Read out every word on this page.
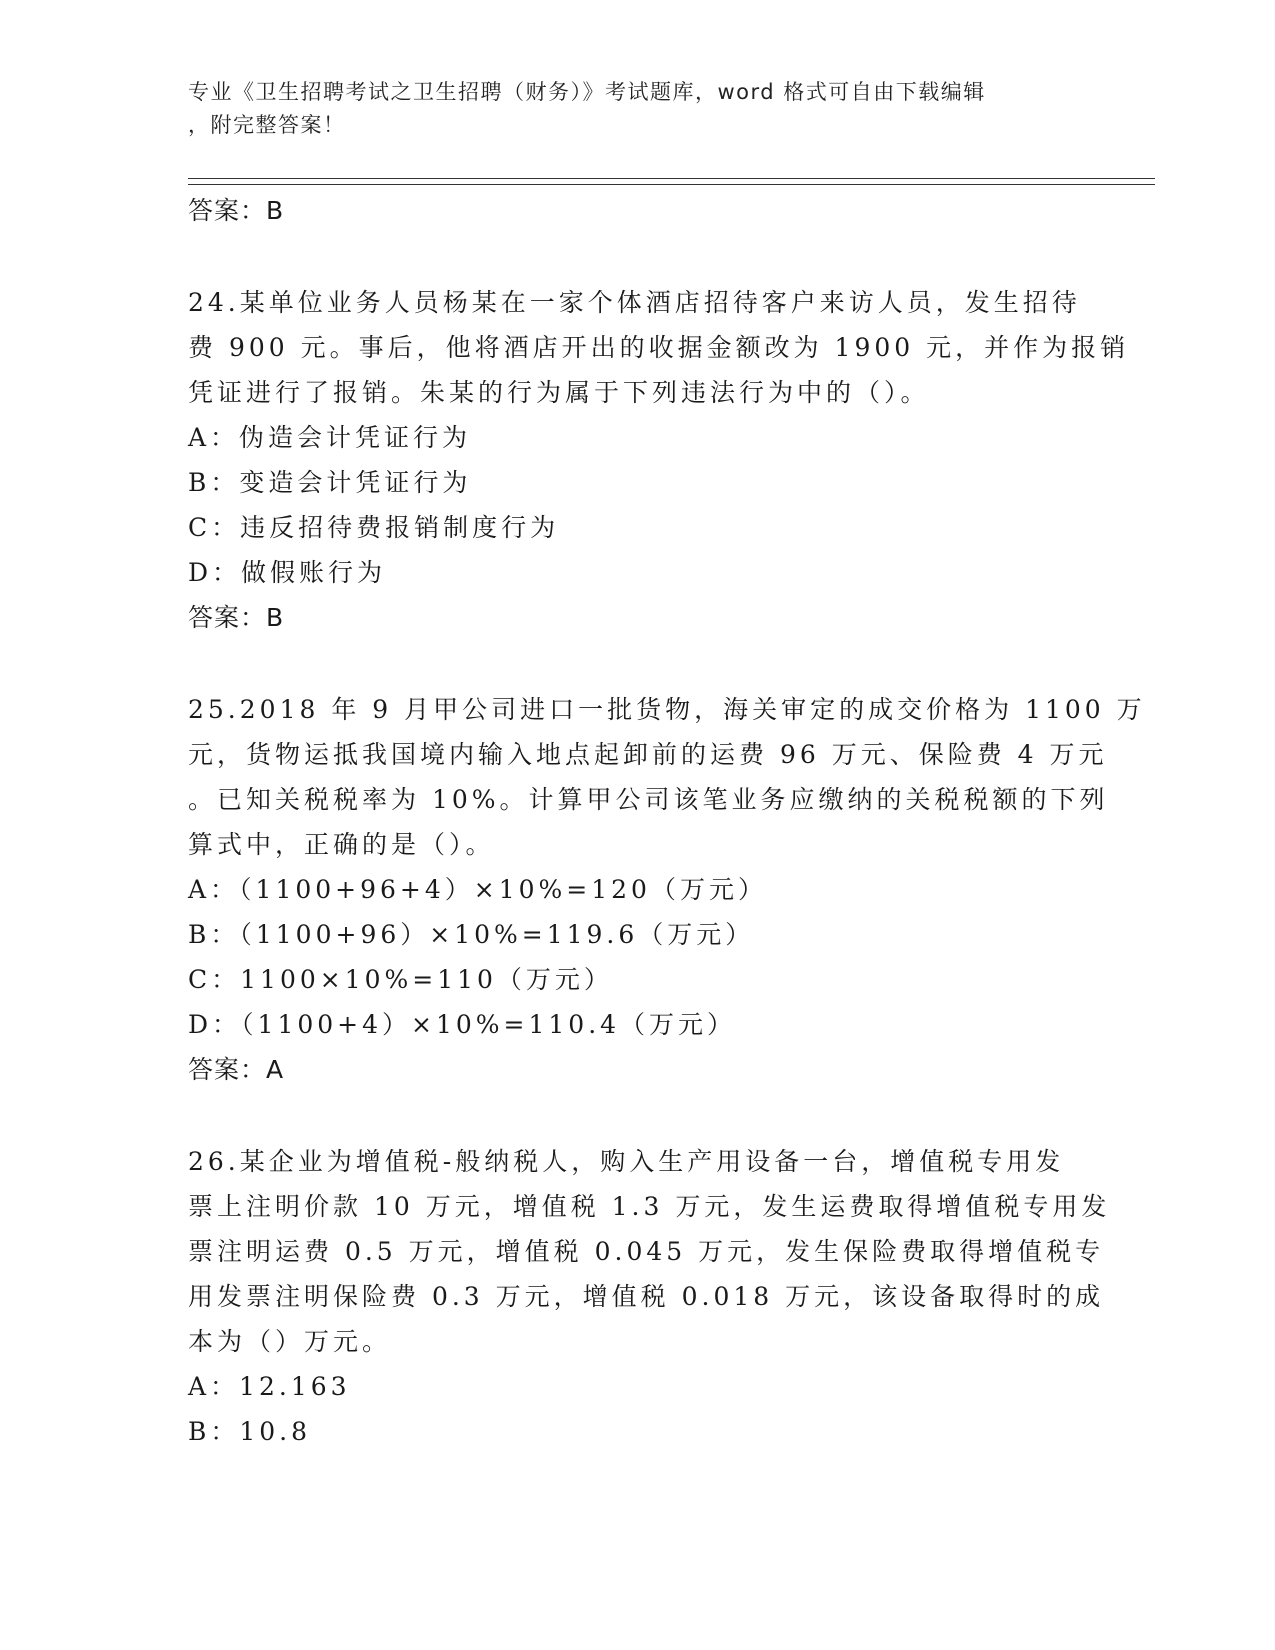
专业《卫生招聘考试之卫生招聘（财务）》考试题库，word 格式可自由下载编辑
，附完整答案！
答案：B
24.某单位业务人员杨某在一家个体酒店招待客户来访人员，发生招待
费 900 元。事后，他将酒店开出的收据金额改为 1900 元，并作为报销
凭证进行了报销。朱某的行为属于下列违法行为中的（）。
A：伪造会计凭证行为
B：变造会计凭证行为
C：违反招待费报销制度行为
D：做假账行为
答案：B
25.2018 年 9 月甲公司进口一批货物，海关审定的成交价格为 1100 万
元，货物运抵我国境内输入地点起卸前的运费 96 万元、保险费 4 万元
。已知关税税率为 10%。计算甲公司该笔业务应缴纳的关税税额的下列
算式中，正确的是（）。
A：（1100+96+4）×10%=120（万元）
B：（1100+96）×10%=119.6（万元）
C：1100×10%=110（万元）
D：（1100+4）×10%=110.4（万元）
答案：A
26.某企业为增值税-般纳税人，购入生产用设备一台，增值税专用发
票上注明价款 10 万元，增值税 1.3 万元，发生运费取得增值税专用发
票注明运费 0.5 万元，增值税 0.045 万元，发生保险费取得增值税专
用发票注明保险费 0.3 万元，增值税 0.018 万元，该设备取得时的成
本为（）万元。
A：12.163
B：10.8
